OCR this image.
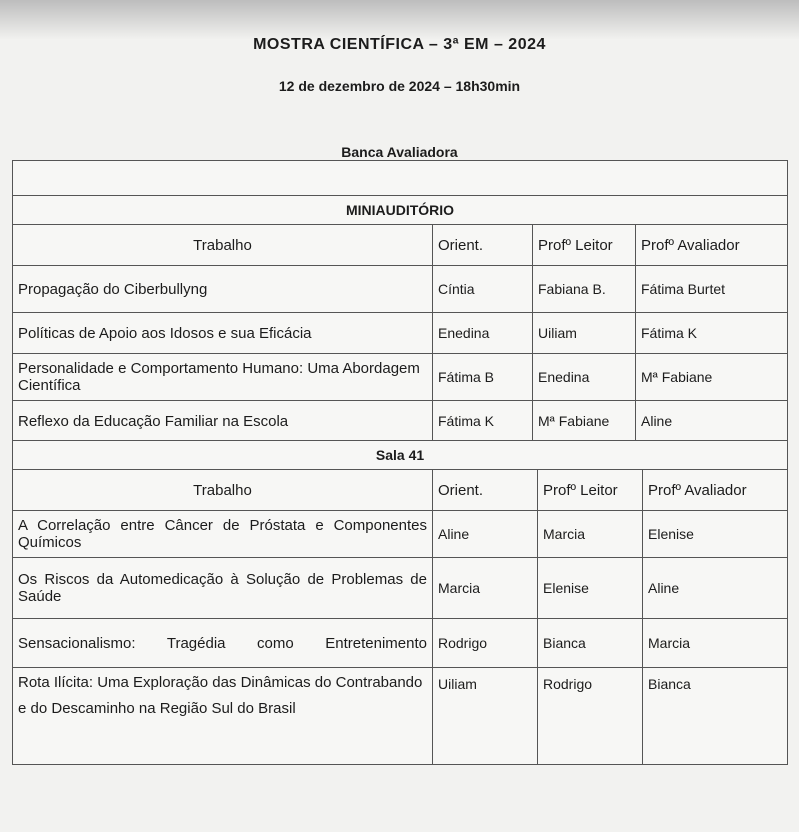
MOSTRA CIENTÍFICA – 3ª EM – 2024
12 de dezembro de 2024 – 18h30min
Banca Avaliadora

MINIAUDITÓRIO			
Trabalho	Orient.	Profº Leitor	Profº Avaliador
Propagação do Ciberbullyng	Cíntia	Fabiana B.	Fátima Burtet
Políticas de Apoio aos Idosos e sua Eficácia	Enedina	Uiliam	Fátima K
Personalidade e Comportamento Humano: Uma Abordagem Científica	Fátima B	Enedina	Mª Fabiane
Reflexo da Educação Familiar na Escola	Fátima K	Mª Fabiane	Aline
Sala 41			
Trabalho	Orient.	Profº Leitor	Profº Avaliador
A Correlação entre Câncer de Próstata e Componentes Químicos	Aline	Marcia	Elenise
Os Riscos da Automedicação à Solução de Problemas de Saúde	Marcia	Elenise	Aline
Sensacionalismo: Tragédia como Entretenimento	Rodrigo	Bianca	Marcia
Rota Ilícita: Uma Exploração das Dinâmicas do Contrabando e do Descaminho na Região Sul do Brasil	Uiliam	Rodrigo	Bianca
